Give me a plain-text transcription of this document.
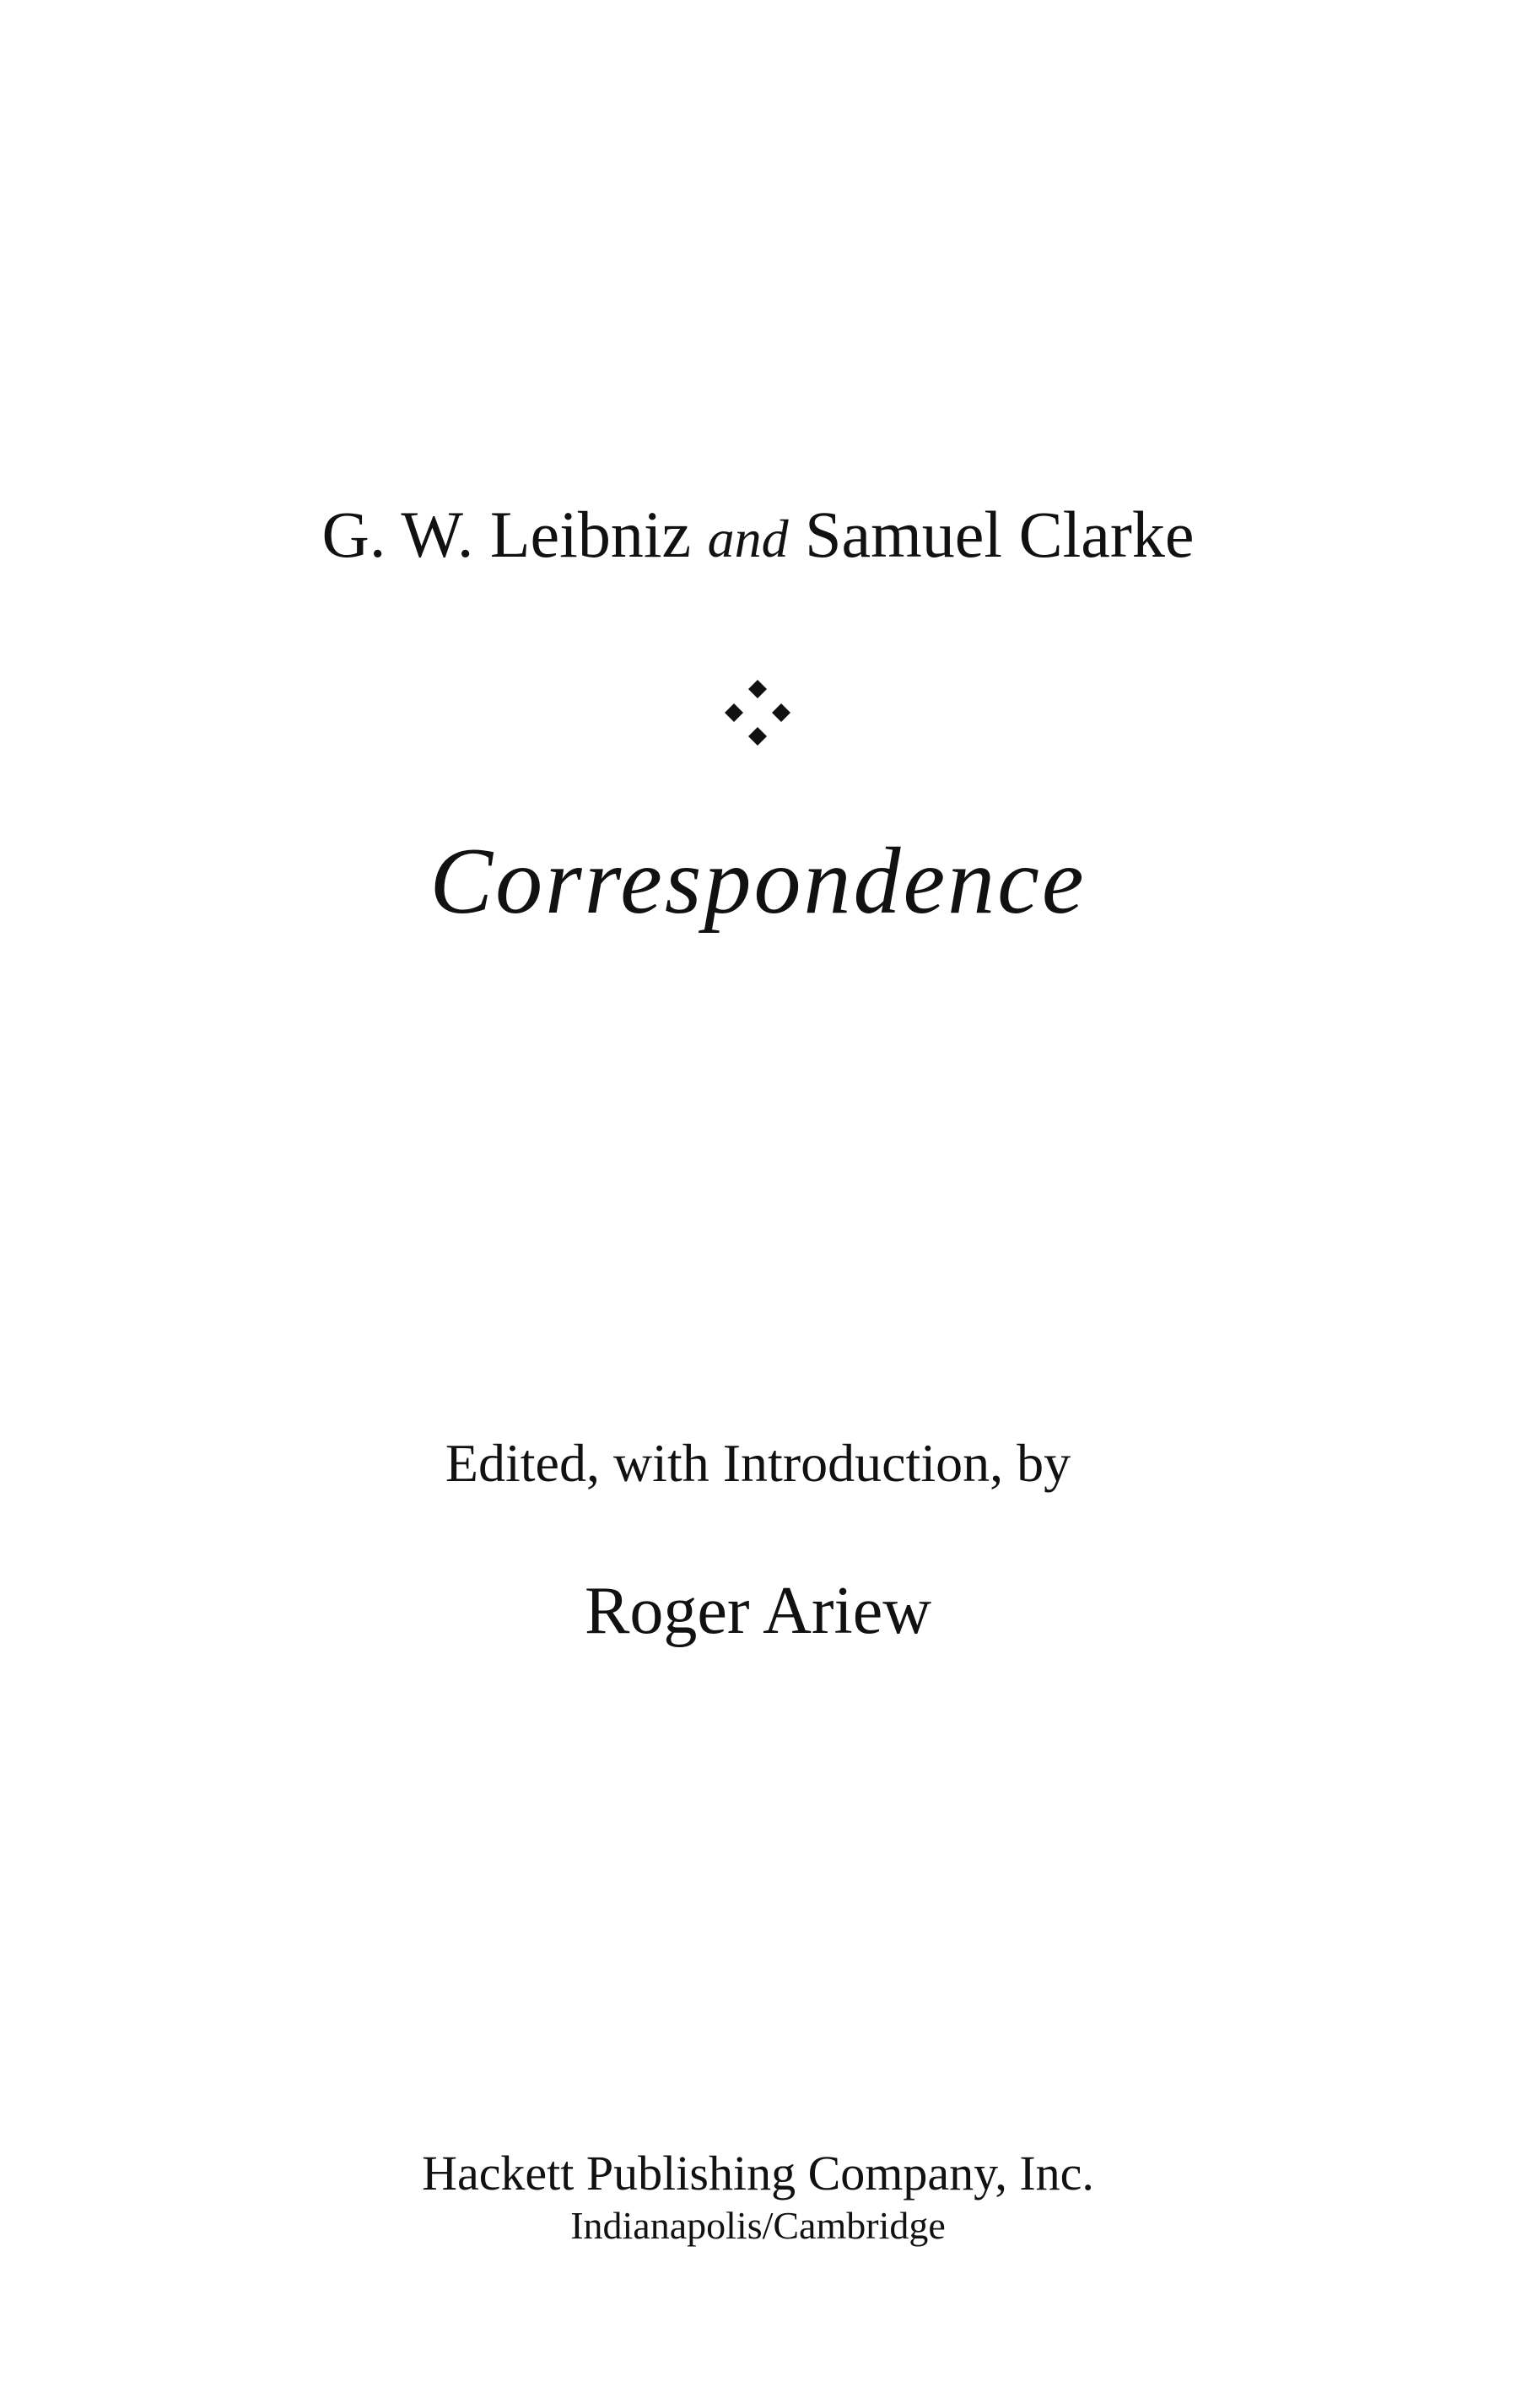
G. W. Leibniz and Samuel Clarke
Correspondence
Edited, with Introduction, by
Roger Ariew
Hackett Publishing Company, Inc.
Indianapolis/Cambridge
